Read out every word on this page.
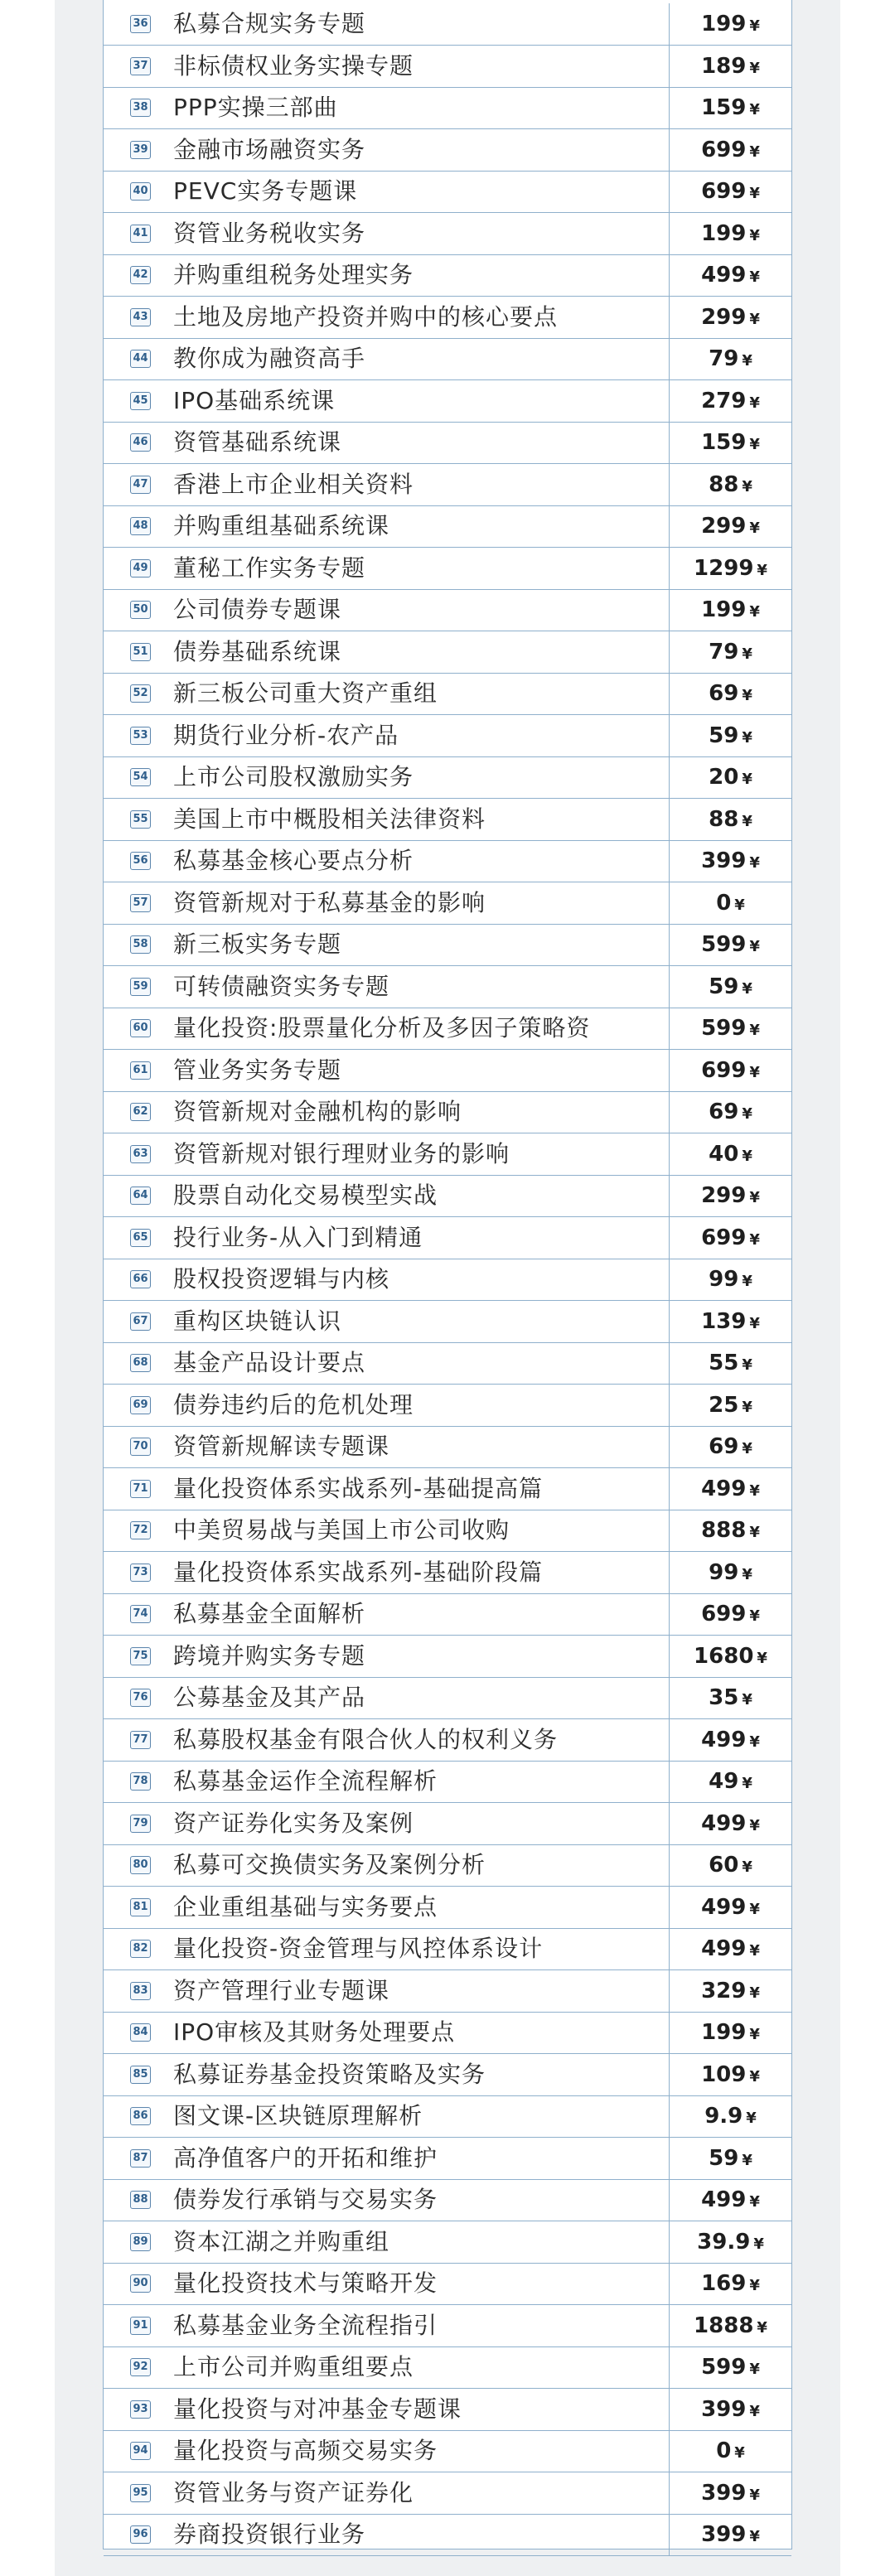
36 私募合规实务专题	199 ¥
37 非标债权业务实操专题	189 ¥
38 PPP实操三部曲	159 ¥
39 金融市场融资实务	699 ¥
40 PEVC实务专题课	699 ¥
41 资管业务税收实务	199 ¥
42 并购重组税务处理实务	499 ¥
43 土地及房地产投资并购中的核心要点	299 ¥
44 教你成为融资高手	79 ¥
45 IPO基础系统课	279 ¥
46 资管基础系统课	159 ¥
47 香港上市企业相关资料	88 ¥
48 并购重组基础系统课	299 ¥
49 董秘工作实务专题	1299 ¥
50 公司债券专题课	199 ¥
51 债券基础系统课	79 ¥
52 新三板公司重大资产重组	69 ¥
53 期货行业分析-农产品	59 ¥
54 上市公司股权激励实务	20 ¥
55 美国上市中概股相关法律资料	88 ¥
56 私募基金核心要点分析	399 ¥
57 资管新规对于私募基金的影响	0 ¥
58 新三板实务专题	599 ¥
59 可转债融资实务专题	59 ¥
60 量化投资:股票量化分析及多因子策略资	599 ¥
61 管业务实务专题	699 ¥
62 资管新规对金融机构的影响	69 ¥
63 资管新规对银行理财业务的影响	40 ¥
64 股票自动化交易模型实战	299 ¥
65 投行业务-从入门到精通	699 ¥
66 股权投资逻辑与内核	99 ¥
67 重构区块链认识	139 ¥
68 基金产品设计要点	55 ¥
69 债券违约后的危机处理	25 ¥
70 资管新规解读专题课	69 ¥
71 量化投资体系实战系列-基础提高篇	499 ¥
72 中美贸易战与美国上市公司收购	888 ¥
73 量化投资体系实战系列-基础阶段篇	99 ¥
74 私募基金全面解析	699 ¥
75 跨境并购实务专题	1680 ¥
76 公募基金及其产品	35 ¥
77 私募股权基金有限合伙人的权利义务	499 ¥
78 私募基金运作全流程解析	49 ¥
79 资产证券化实务及案例	499 ¥
80 私募可交换债实务及案例分析	60 ¥
81 企业重组基础与实务要点	499 ¥
82 量化投资-资金管理与风控体系设计	499 ¥
83 资产管理行业专题课	329 ¥
84 IPO审核及其财务处理要点	199 ¥
85 私募证券基金投资策略及实务	109 ¥
86 图文课-区块链原理解析	9.9 ¥
87 高净值客户的开拓和维护	59 ¥
88 债券发行承销与交易实务	499 ¥
89 资本江湖之并购重组	39.9 ¥
90 量化投资技术与策略开发	169 ¥
91 私募基金业务全流程指引	1888 ¥
92 上市公司并购重组要点	599 ¥
93 量化投资与对冲基金专题课	399 ¥
94 量化投资与高频交易实务	0 ¥
95 资管业务与资产证券化	399 ¥
96 券商投资银行业务	399 ¥
